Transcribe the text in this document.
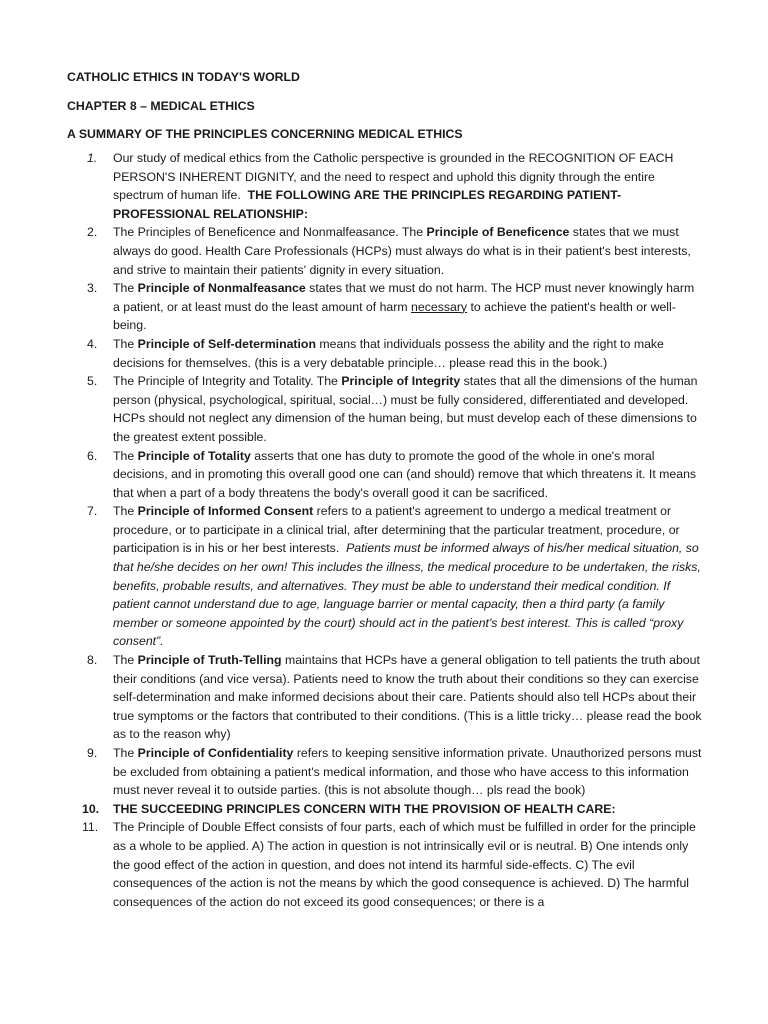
CATHOLIC ETHICS IN TODAY'S WORLD
CHAPTER 8 – MEDICAL ETHICS
A SUMMARY OF THE PRINCIPLES CONCERNING MEDICAL ETHICS
1.	Our study of medical ethics from the Catholic perspective is grounded in the RECOGNITION OF EACH PERSON'S INHERENT DIGNITY, and the need to respect and uphold this dignity through the entire spectrum of human life. THE FOLLOWING ARE THE PRINCIPLES REGARDING PATIENT-PROFESSIONAL RELATIONSHIP:
2.	The Principles of Beneficence and Nonmalfeasance. The Principle of Beneficence states that we must always do good. Health Care Professionals (HCPs) must always do what is in their patient's best interests, and strive to maintain their patients' dignity in every situation.
3.	The Principle of Nonmalfeasance states that we must do not harm. The HCP must never knowingly harm a patient, or at least must do the least amount of harm necessary to achieve the patient's health or well-being.
4.	The Principle of Self-determination means that individuals possess the ability and the right to make decisions for themselves. (this is a very debatable principle… please read this in the book.)
5.	The Principle of Integrity and Totality. The Principle of Integrity states that all the dimensions of the human person (physical, psychological, spiritual, social…) must be fully considered, differentiated and developed. HCPs should not neglect any dimension of the human being, but must develop each of these dimensions to the greatest extent possible.
6.	The Principle of Totality asserts that one has duty to promote the good of the whole in one's moral decisions, and in promoting this overall good one can (and should) remove that which threatens it. It means that when a part of a body threatens the body's overall good it can be sacrificed.
7.	The Principle of Informed Consent refers to a patient's agreement to undergo a medical treatment or procedure, or to participate in a clinical trial, after determining that the particular treatment, procedure, or participation is in his or her best interests. Patients must be informed always of his/her medical situation, so that he/she decides on her own! This includes the illness, the medical procedure to be undertaken, the risks, benefits, probable results, and alternatives. They must be able to understand their medical condition. If patient cannot understand due to age, language barrier or mental capacity, then a third party (a family member or someone appointed by the court) should act in the patient's best interest. This is called “proxy consent”.
8.	The Principle of Truth-Telling maintains that HCPs have a general obligation to tell patients the truth about their conditions (and vice versa). Patients need to know the truth about their conditions so they can exercise self-determination and make informed decisions about their care. Patients should also tell HCPs about their true symptoms or the factors that contributed to their conditions. (This is a little tricky… please read the book as to the reason why)
9.	The Principle of Confidentiality refers to keeping sensitive information private. Unauthorized persons must be excluded from obtaining a patient's medical information, and those who have access to this information must never reveal it to outside parties. (this is not absolute though… pls read the book)
10. THE SUCCEEDING PRINCIPLES CONCERN WITH THE PROVISION OF HEALTH CARE:
11.	The Principle of Double Effect consists of four parts, each of which must be fulfilled in order for the principle as a whole to be applied. A) The action in question is not intrinsically evil or is neutral. B) One intends only the good effect of the action in question, and does not intend its harmful side-effects. C) The evil consequences of the action is not the means by which the good consequence is achieved. D) The harmful consequences of the action do not exceed its good consequences; or there is a
